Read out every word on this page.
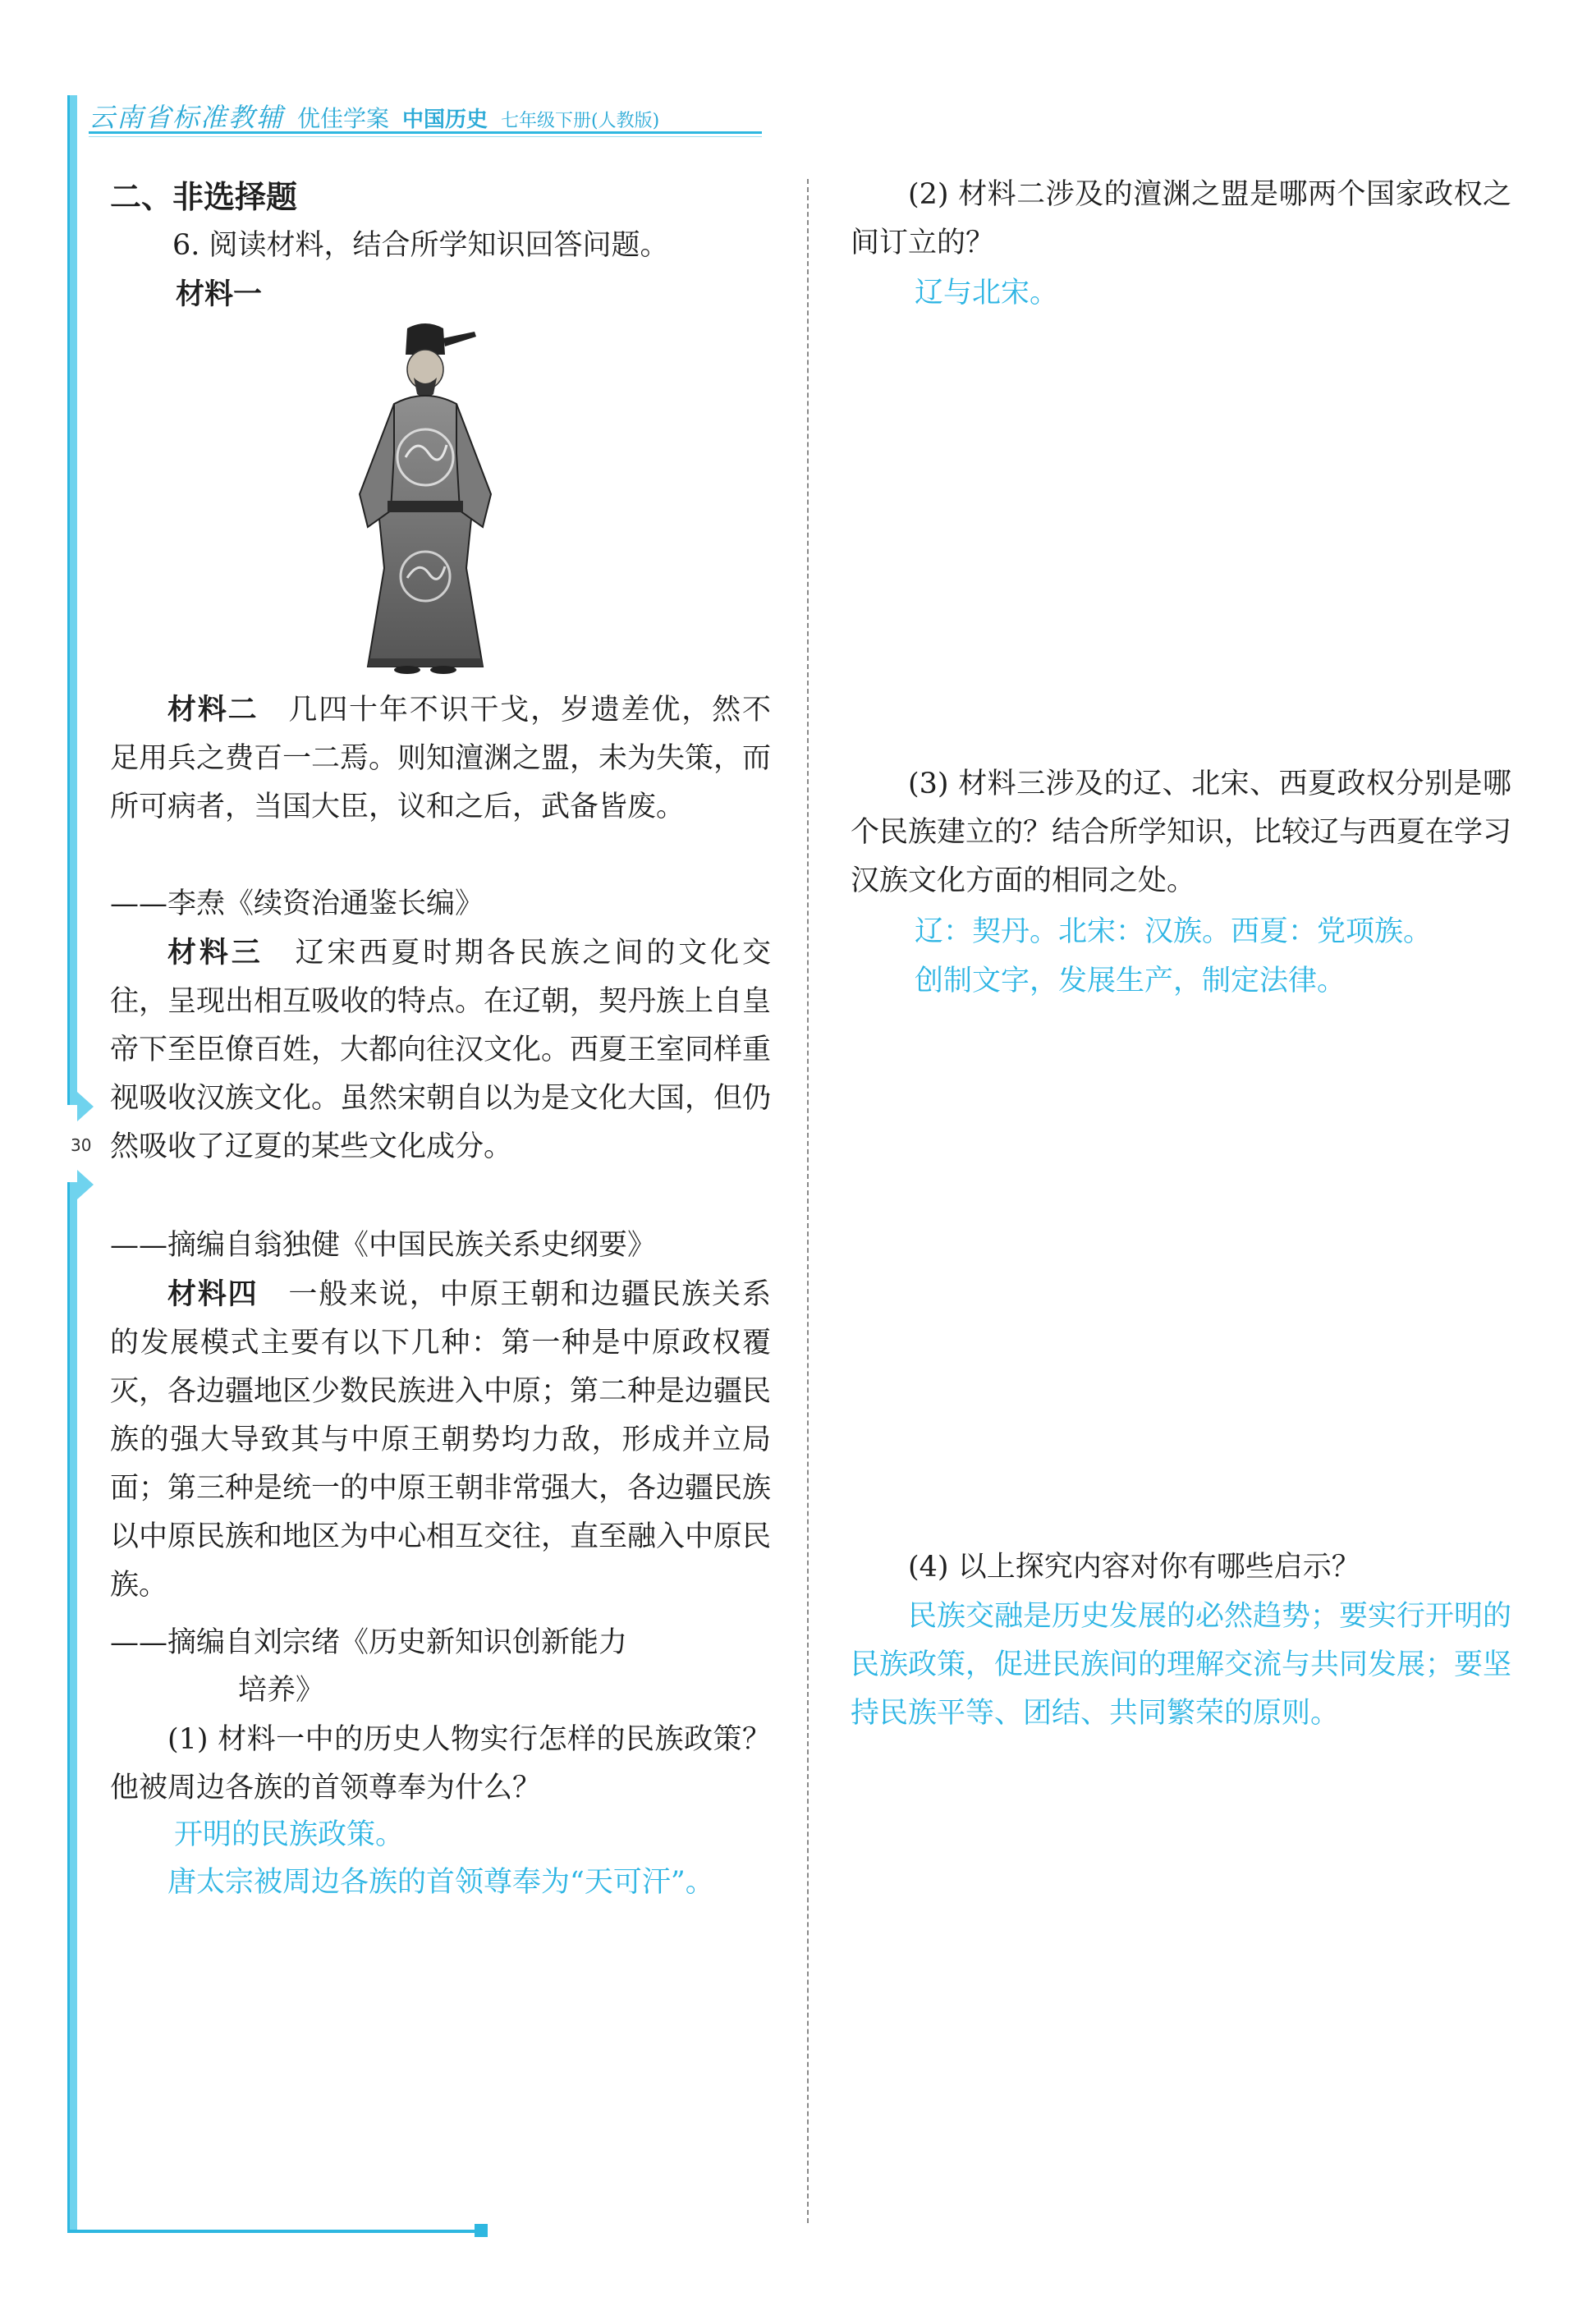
30
云南省标准教辅 优佳学案 中国历史 七年级下册(人教版)
二、非选择题
6. 阅读材料，结合所学知识回答问题。
材料一
材料二　 几四十年不识干戈，岁遗差优，然不足用兵之费百一二焉。则知澶渊之盟，未为失策，而所可病者，当国大臣，议和之后，武备皆废。
——李焘《续资治通鉴长编》
材料三　 辽宋西夏时期各民族之间的文化交往，呈现出相互吸收的特点。在辽朝，契丹族上自皇帝下至臣僚百姓，大都向往汉文化。西夏王室同样重视吸收汉族文化。虽然宋朝自以为是文化大国，但仍然吸收了辽夏的某些文化成分。
——摘编自翁独健《中国民族关系史纲要》
材料四　 一般来说，中原王朝和边疆民族关系的发展模式主要有以下几种：第一种是中原政权覆灭，各边疆地区少数民族进入中原；第二种是边疆民族的强大导致其与中原王朝势均力敌，形成并立局面；第三种是统一的中原王朝非常强大，各边疆民族以中原民族和地区为中心相互交往，直至融入中原民族。
——摘编自刘宗绪《历史新知识创新能力
培养》
(1) 材料一中的历史人物实行怎样的民族政策？他被周边各族的首领尊奉为什么？
开明的民族政策。
唐太宗被周边各族的首领尊奉为“天可汗”。
(2) 材料二涉及的澶渊之盟是哪两个国家政权之间订立的？
辽与北宋。
(3) 材料三涉及的辽、北宋、西夏政权分别是哪个民族建立的？结合所学知识，比较辽与西夏在学习汉族文化方面的相同之处。
辽：契丹。北宋：汉族。西夏：党项族。
创制文字，发展生产，制定法律。
(4) 以上探究内容对你有哪些启示？
民族交融是历史发展的必然趋势；要实行开明的民族政策，促进民族间的理解交流与共同发展；要坚持民族平等、团结、共同繁荣的原则。
